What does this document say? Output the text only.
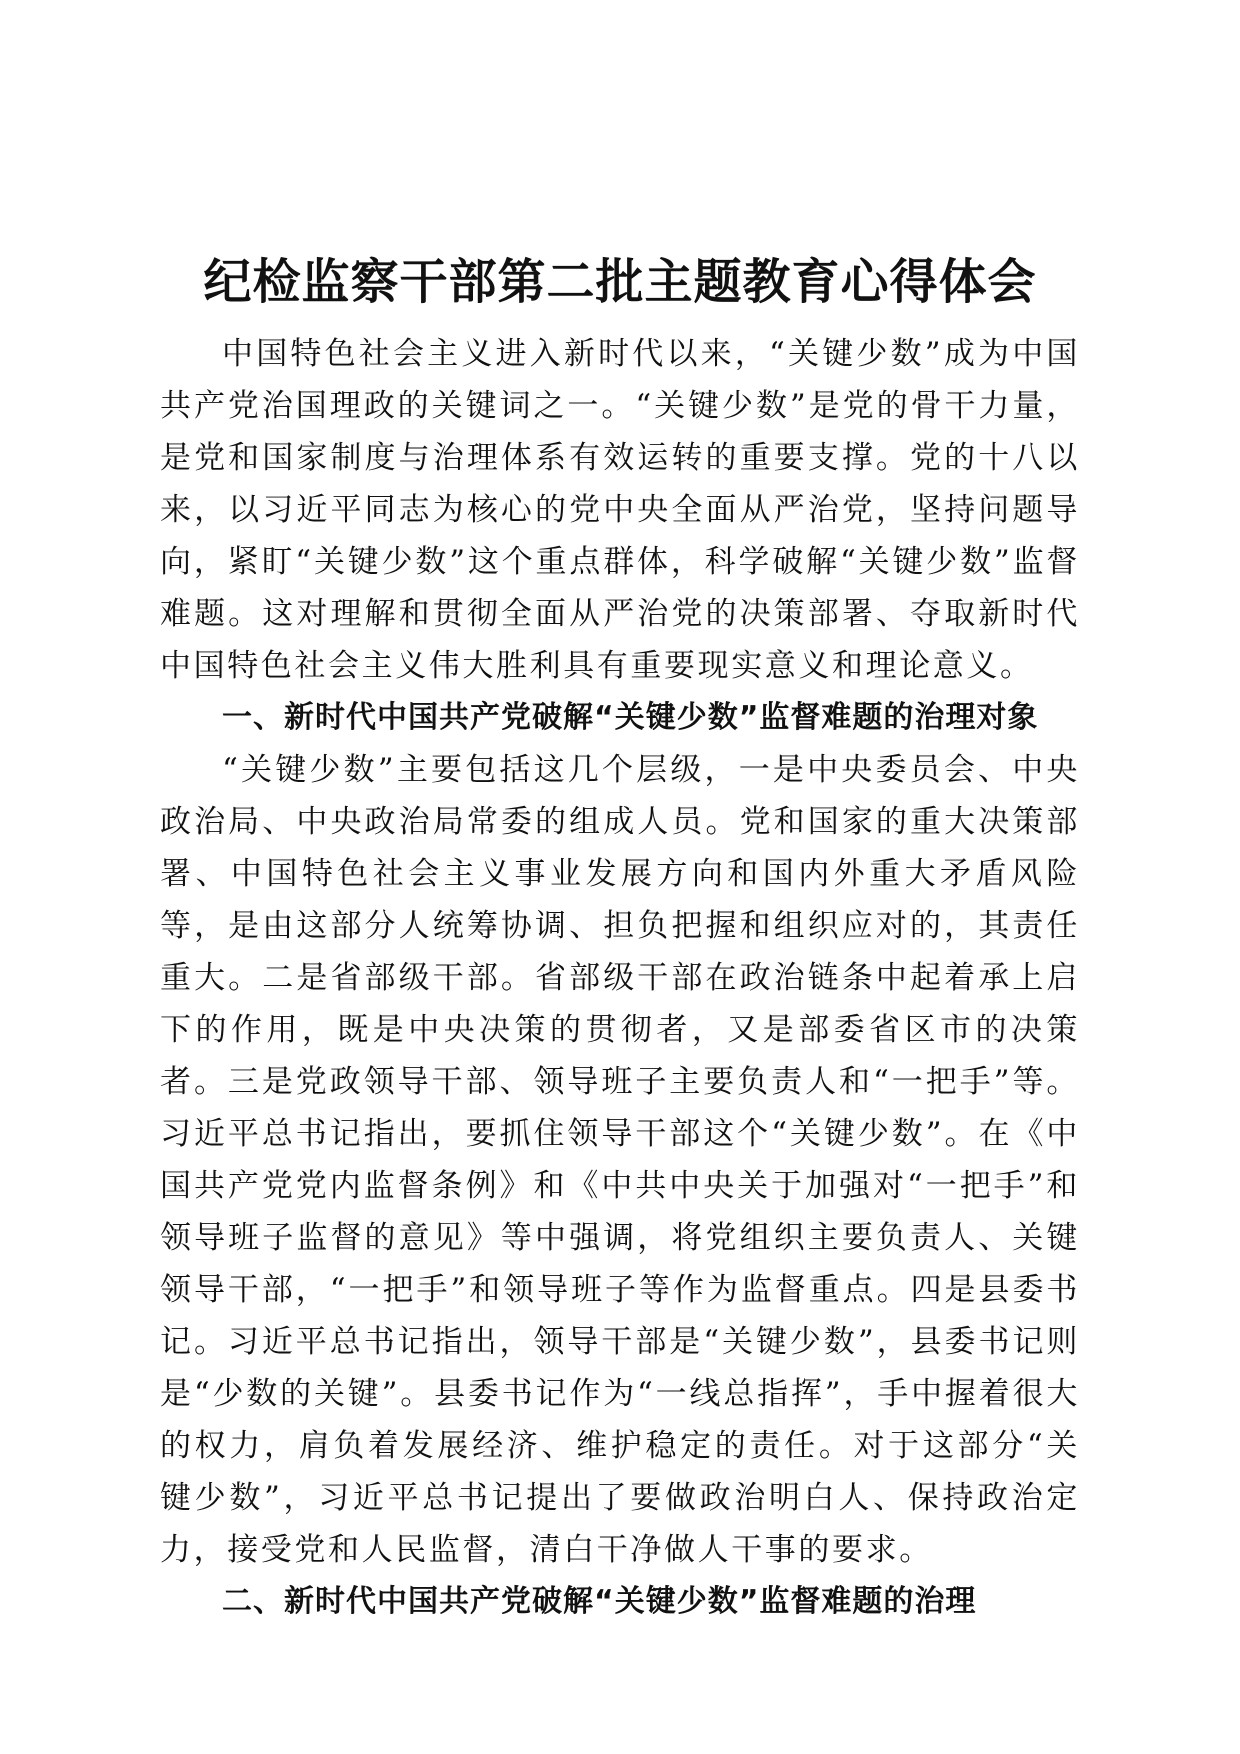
纪检监察干部第二批主题教育心得体会

中国特色社会主义进入新时代以来，“关键少数”成为中国共产党治国理政的关键词之一。“关键少数”是党的骨干力量，是党和国家制度与治理体系有效运转的重要支撑。党的十八以来，以习近平同志为核心的党中央全面从严治党，坚持问题导向，紧盯“关键少数”这个重点群体，科学破解“关键少数”监督难题。这对理解和贯彻全面从严治党的决策部署、夺取新时代中国特色社会主义伟大胜利具有重要现实意义和理论意义。

一、新时代中国共产党破解“关键少数”监督难题的治理对象

“关键少数”主要包括这几个层级，一是中央委员会、中央政治局、中央政治局常委的组成人员。党和国家的重大决策部署、中国特色社会主义事业发展方向和国内外重大矛盾风险等，是由这部分人统筹协调、担负把握和组织应对的，其责任重大。二是省部级干部。省部级干部在政治链条中起着承上启下的作用，既是中央决策的贯彻者，又是部委省区市的决策者。三是党政领导干部、领导班子主要负责人和“一把手”等。习近平总书记指出，要抓住领导干部这个“关键少数”。在《中国共产党党内监督条例》和《中共中央关于加强对“一把手”和领导班子监督的意见》等中强调，将党组织主要负责人、关键领导干部，“一把手”和领导班子等作为监督重点。四是县委书记。习近平总书记指出，领导干部是“关键少数”，县委书记则是“少数的关键”。县委书记作为“一线总指挥”，手中握着很大的权力，肩负着发展经济、维护稳定的责任。对于这部分“关键少数”，习近平总书记提出了要做政治明白人、保持政治定力，接受党和人民监督，清白干净做人干事的要求。

二、新时代中国共产党破解“关键少数”监督难题的治理
